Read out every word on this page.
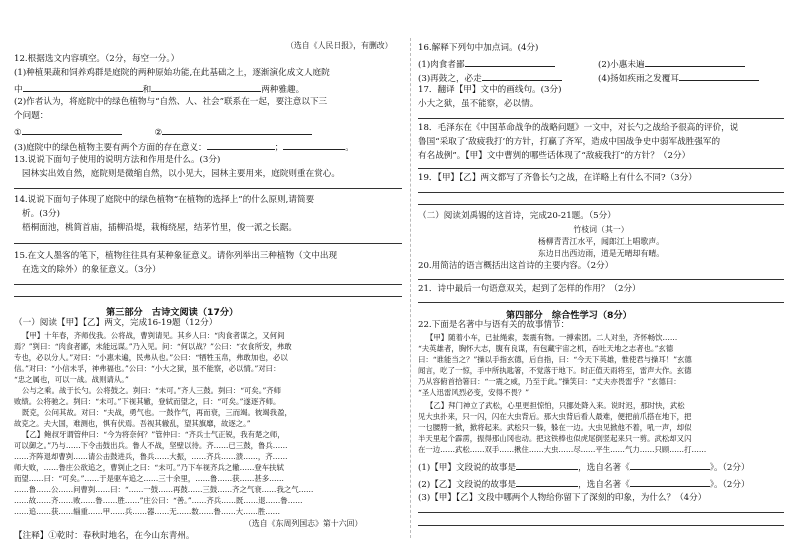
（选自《人民日报》，有删改）
12.根据选文内容填空。（2分，每空一分。）
(1)种植果蔬和饲养鸡群是庭院的两种原始功能,在此基础之上，逐渐演化成文人庭院
中	和	两种雅趣。
(2)作者认为，将庭院中的绿色植物与“自然、人、社会”联系在一起，要注意以下三
个问题：
①	②
(3)庭院中的绿色植物主要有两个方面的存在意义：	；	。
13.说说下面句子使用的说明方法和作用是什么。(3分)
园林实出效自然，庭院则是微缩自然，以小见大，园林主要用来，庭院则重在赏心。
14.说说下面句子体现了庭院中的绿色植物“在植物的选择上”的什么原则,请简要
析。(3分)
梧桐面池，桃简首庙，插柳沿堤，栽梅绕屋，结茅竹里，俊一派之长踞。
15.在文人墨客的笔下，植物往往具有某种象征意义。请你列举出三种植物（文中出现
在选文的除外）的象征意义。（3分）
第三部分　古诗文阅读（17分）
（一）阅读【甲】【乙】两文，完成16-19题（12分）
【甲】十年春，齐师伐我。公将战，曹刿请见。其乡人曰：“肉食者谋之，又何间
焉？”刿曰：“肉食者鄙，未能远谋。”乃入见。问：“何以战？”公曰：“衣食所安，弗敢
专也，必以分人。”对曰：“小惠未遍，民弗从也。”公曰：“牺牲玉帛，弗敢加也，必以
信。”对曰：“小信未孚，神弗福也。”公曰：“小大之狱，虽不能察，必以情。”对曰：
“忠之属也，可以一战。战则请从。”
公与之乘。战于长勺。公将鼓之。刿曰：“未可。”齐人三鼓。刿曰：“可矣。”齐师
败绩。公将驰之。刿曰：“未可。”下视其辙，登轼而望之，曰：“可矣。”遂逐齐师。
既克，公问其故。对曰：“夫战，勇气也。一鼓作气，再而衰，三而竭。彼竭我盈，
故克之。夫大国，难测也，惧有伏焉。吾视其辙乱，望其旗靡，故逐之。”
【乙】鲍叔牙谓管仲曰：“今为将奈何？”管仲曰：“齐兵士气正锐，我有楚之师，
可以御之。”乃与……下令击鼓出兵。鲁人不战，坚壁以待。齐……已三鼓，鲁兵……
……齐阵退却曹刿……请公击鼓进兵，鲁兵……大振，……齐兵……溃……，齐……
师大败，……鲁庄公欲追之，曹刿止之曰：“未可。”乃下车视齐兵之辙……登车扶轼
而望……曰：“可矣。”……于是驱车追之……三十余里，……鲁……获……甚多……
……鲁……公……问曹刿……曰：“……一鼓……再鼓……三鼓……齐之气衰……我之气……
……故……齐……败……鲁……胜……”庄公曰：“善。”……齐兵……既……退……鲁……
……追……获……辎重……甲……兵……器……无……数……鲁……大……胜……
（选自《东周列国志》第十六回）
【注释】①乾时：春秋时地名，在今山东青州。
16.解释下列句中加点词。(4分)
(1)肉食者鄙	(2)小惠未遍
(3)再鼓之，必走	(4)扬如疾雨之发覆耳
17．翻译【甲】文中的画线句。(3分)
小大之狱，虽不能察，必以情。
18．毛泽东在《中国革命战争的战略问题》一文中，对长勺之战给予很高的评价，说
鲁国“采取了‘敌疲我打’的方针，打赢了齐军，造成中国战争史中弱军战胜强军的
有名战例”。【甲】文中曹刿的哪些话体现了“敌疲我打”的方针？（2分）
19．【甲】【乙】两文都写了齐鲁长勺之战，在详略上有什么不同?（3分）
（二）阅读刘禹锡的这首诗，完成20-21题。（5分）
竹枝词（其一）
杨柳青青江水平，闻郎江上唱歌声。
东边日出西边雨，道是无晴却有晴。
20.用简洁的语言概括出这首诗的主要内容。（2分）
21．诗中最后一句语意双关，起到了怎样的作用？（2分）
第四部分　综合性学习（8分）
22.下面是名著中与语有关的故事情节：
【甲】随着小车，已扯绳索，轰震有物。一搏索团。二人对坐，齐怀畅饮……
“夫英雄者，胸怀大志，腹有良谋，有包藏宇宙之机，吞吐天地之志者也。”玄德
曰：“谁能当之？”操以手指玄德，后自指，曰：“今天下英雄，惟使君与操耳！”玄德
闻言，吃了一惊，手中所执匙箸，不觉落于地下。时正值天雨将至，雷声大作。玄德
乃从容俯首拾箸曰：“一震之威，乃至于此。”操笑曰：“丈夫亦畏雷乎？”玄德曰：
“圣人迅雷风烈必变，安得不畏？”
【乙】拜门神立了武松，心里更担惊怕，只挪处降入来。说时迟，那时快，武松
见大虫扑来，只一闪，闪在大虫背后。那大虫背后看人最难，便把前爪搭在地下，把
一乜腰胯一掀，掀将起来。武松只一躲，躲在一边。大虫见掀他不着，吼一声，却似
半天里起个霹雳，振得那山冈也动。把这铁棒也似虎尾倒竖起来只一剪。武松却又闪
在一边……武松……双手……揪住……大虫……尽……平生……气力……只顾……打……
(1)【甲】文段说的故事是	，选自名著《	》。（2分）
(2)【乙】文段说的故事是	，选自名著《	》。（2分）
(3)【甲】【乙】文段中哪两个人物给你留下了深刻的印象，为什么？（4分）
